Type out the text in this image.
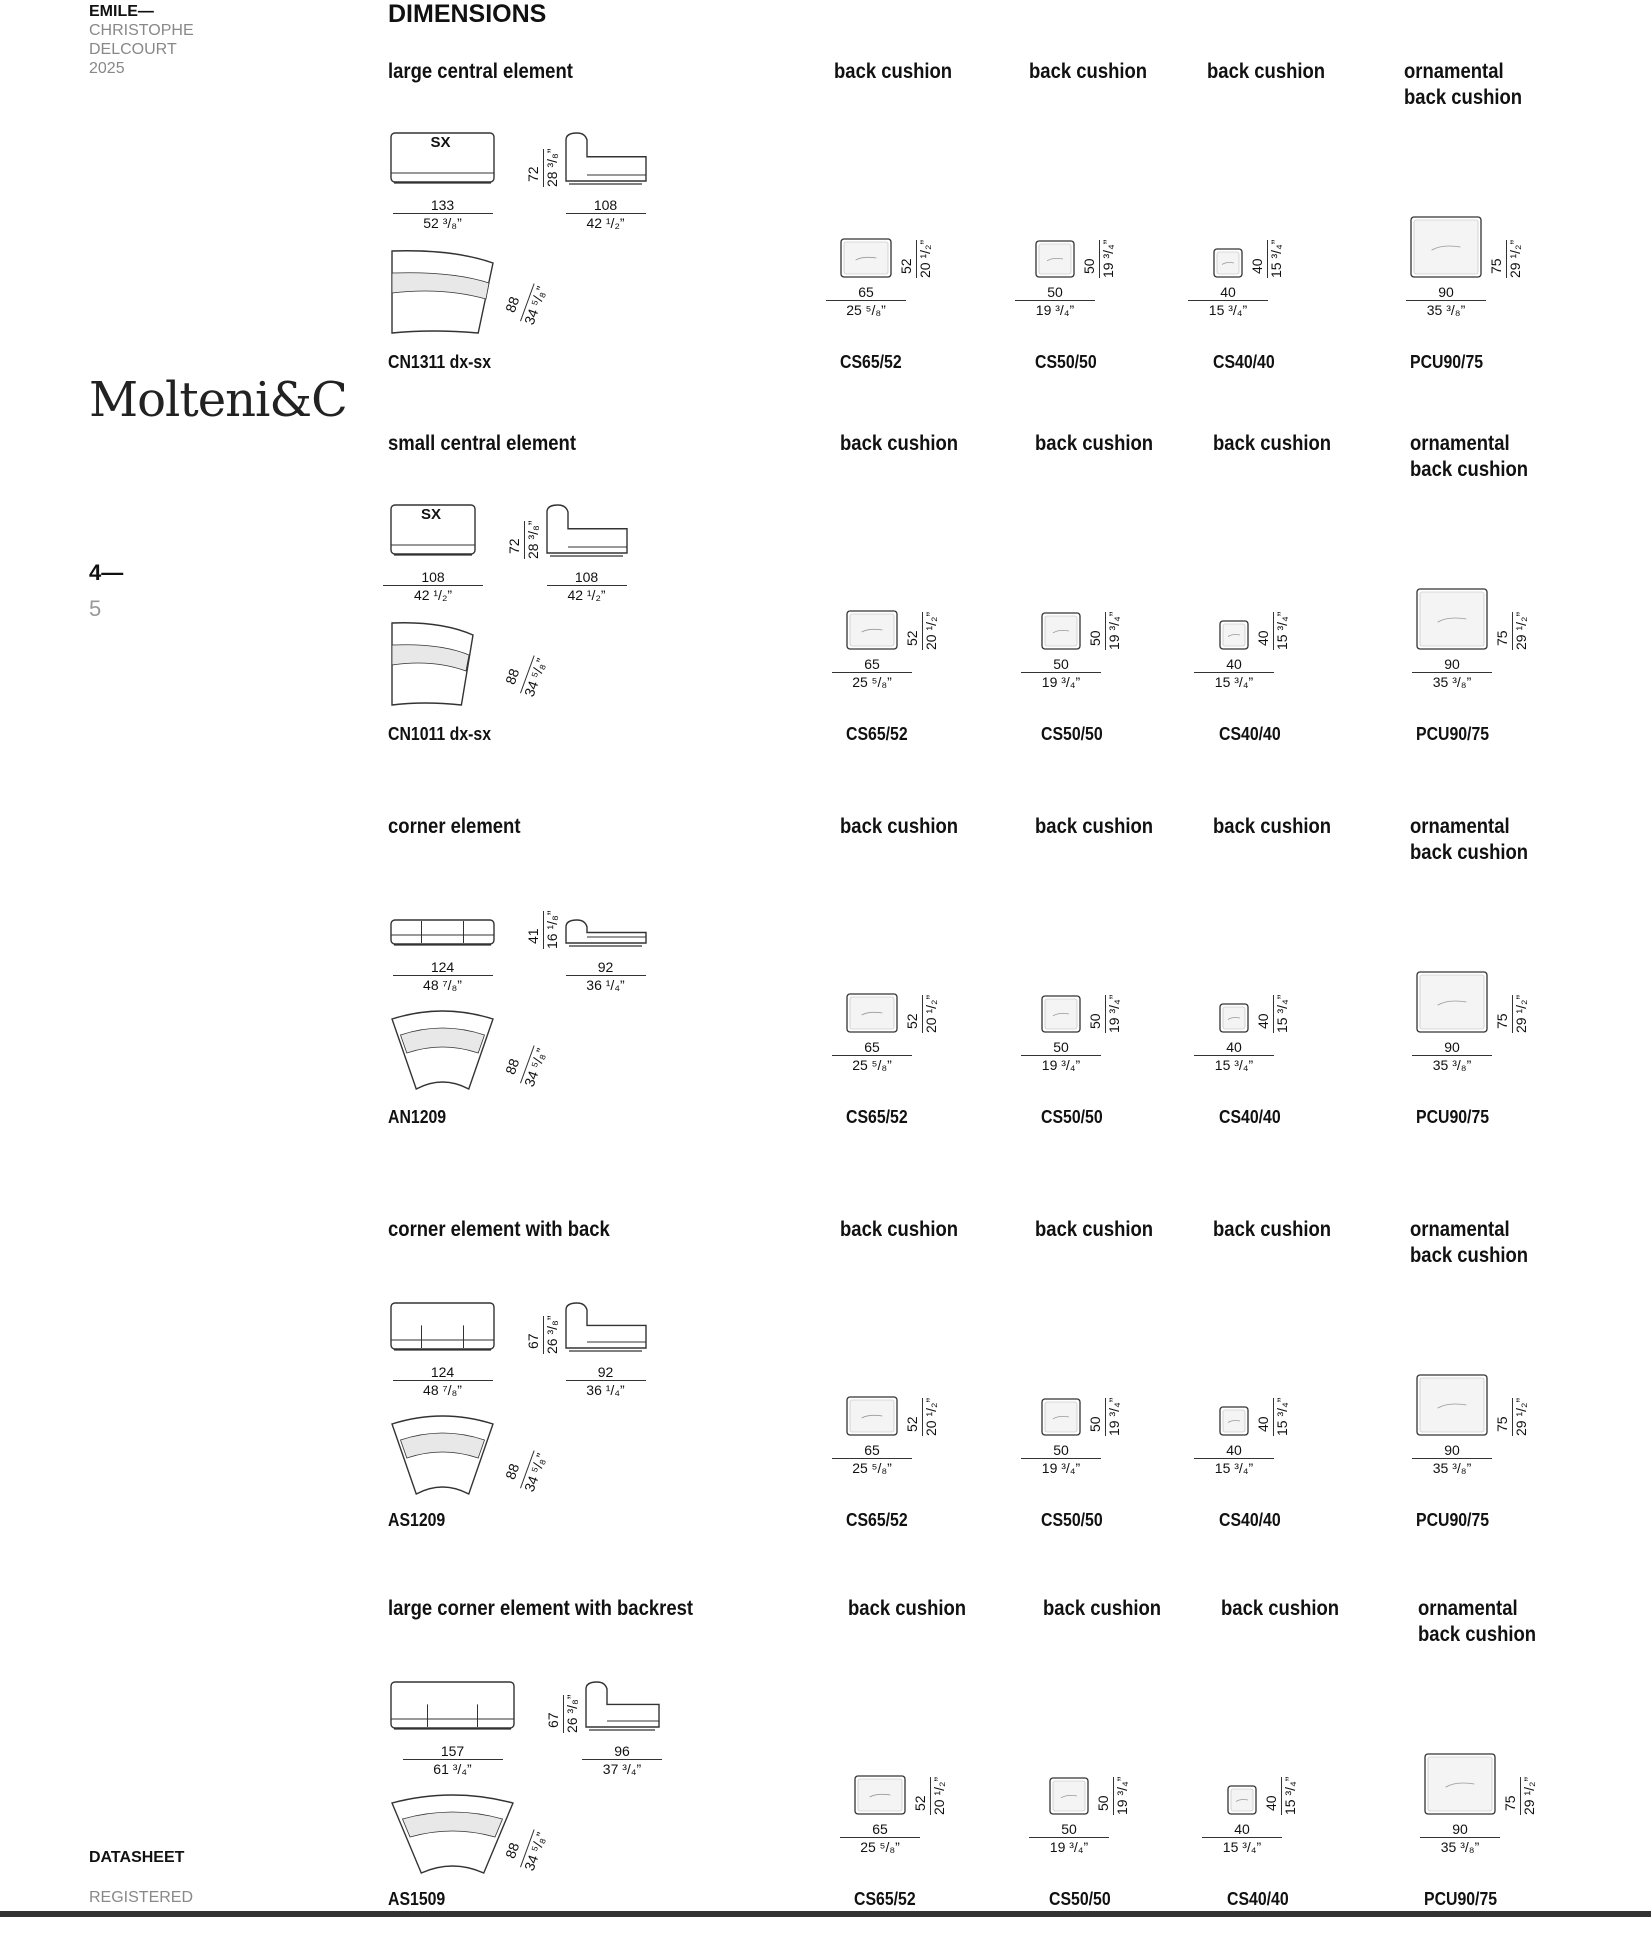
EMILE—
CHRISTOPHE
DELCOURT
2025
Molteni&C
4—
5
DATASHEET
REGISTERED
DIMENSIONS
large central element
SX
133
52 ³/₈”
72 28 ³/₈”
108
42 ¹/₂”
88
34 ⁵/₈”
CN1311 dx-sx
back cushion
52 20 ¹/₂”
65
25 ⁵/₈”
CS65/52
back cushion
50 19 ³/₄”
50
19 ³/₄”
CS50/50
back cushion
40 15 ³/₄”
40
15 ³/₄”
CS40/40
ornamental
back cushion
75 29 ¹/₂”
90
35 ³/₈”
PCU90/75
small central element
SX
108
42 ¹/₂”
72 28 ³/₈”
108
42 ¹/₂”
88
34 ⁵/₈”
CN1011 dx-sx
back cushion
52 20 ¹/₂”
65
25 ⁵/₈”
CS65/52
back cushion
50 19 ³/₄”
50
19 ³/₄”
CS50/50
back cushion
40 15 ³/₄”
40
15 ³/₄”
CS40/40
ornamental
back cushion
75 29 ¹/₂”
90
35 ³/₈”
PCU90/75
corner element
124
48 ⁷/₈”
41 16 ¹/₈”
92
36 ¹/₄”
88
34 ⁵/₈”
AN1209
back cushion
52 20 ¹/₂”
65
25 ⁵/₈”
CS65/52
back cushion
50 19 ³/₄”
50
19 ³/₄”
CS50/50
back cushion
40 15 ³/₄”
40
15 ³/₄”
CS40/40
ornamental
back cushion
75 29 ¹/₂”
90
35 ³/₈”
PCU90/75
corner element with back
124
48 ⁷/₈”
67 26 ³/₈”
92
36 ¹/₄”
88
34 ⁵/₈”
AS1209
back cushion
52 20 ¹/₂”
65
25 ⁵/₈”
CS65/52
back cushion
50 19 ³/₄”
50
19 ³/₄”
CS50/50
back cushion
40 15 ³/₄”
40
15 ³/₄”
CS40/40
ornamental
back cushion
75 29 ¹/₂”
90
35 ³/₈”
PCU90/75
large corner element with backrest
157
61 ³/₄”
67 26 ³/₈”
96
37 ³/₄”
88
34 ⁵/₈”
AS1509
back cushion
52 20 ¹/₂”
65
25 ⁵/₈”
CS65/52
back cushion
50 19 ³/₄”
50
19 ³/₄”
CS50/50
back cushion
40 15 ³/₄”
40
15 ³/₄”
CS40/40
ornamental
back cushion
75 29 ¹/₂”
90
35 ³/₈”
PCU90/75
